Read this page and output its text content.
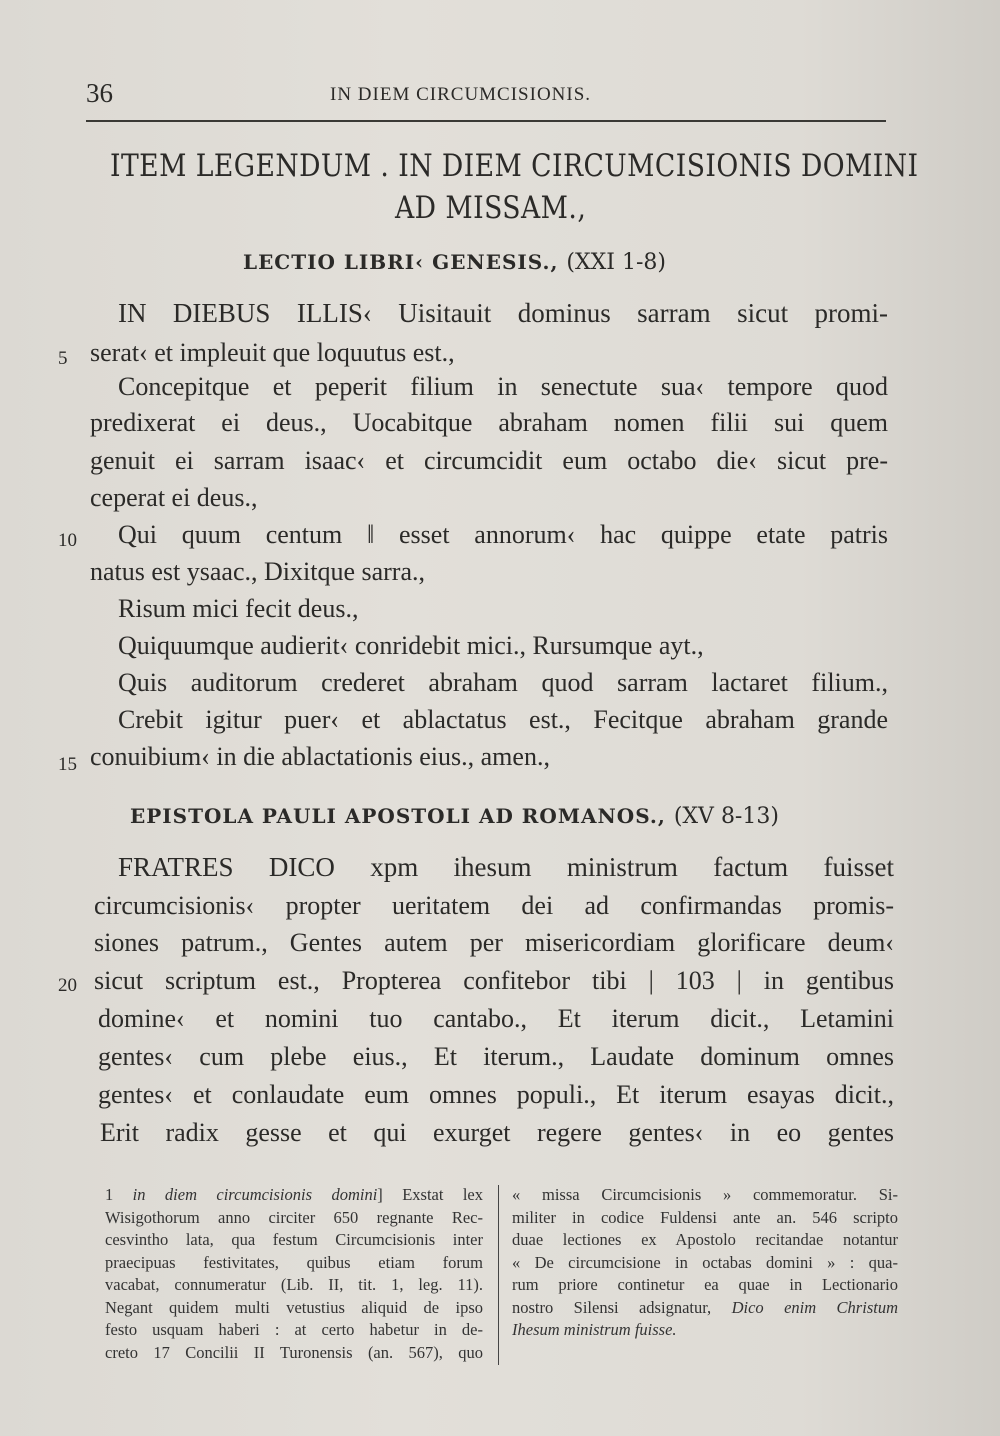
36	IN DIEM CIRCUMCISIONIS.
ITEM LEGENDUM . IN DIEM CIRCUMCISIONIS DOMINI
AD MISSAM.,
LECTIO LIBRI‹ GENESIS., (XXI 1-8)
IN DIEBUS ILLIS‹ Uisitauit dominus sarram sicut promi-
serat‹ et impleuit que loquutus est.,
Concepitque et peperit filium in senectute sua‹ tempore quod
predixerat ei deus., Uocabitque abraham nomen filii sui quem
genuit ei sarram isaac‹ et circumcidit eum octabo die‹ sicut pre-
ceperat ei deus.,
Qui quum centum ‖ esset annorum‹ hac quippe etate patris
natus est ysaac., Dixitque sarra.,
Risum mici fecit deus.,
Quiquumque audierit‹ conridebit mici., Rursumque ayt.,
Quis auditorum crederet abraham quod sarram lactaret filium.,
Crebit igitur puer‹ et ablactatus est., Fecitque abraham grande
conuibium‹ in die ablactationis eius., amen.,
5
10
15
20
EPISTOLA PAULI APOSTOLI AD ROMANOS., (XV 8-13)
FRATRES DICO xpm ihesum ministrum factum fuisset
circumcisionis‹ propter ueritatem dei ad confirmandas promis-
siones patrum., Gentes autem per misericordiam glorificare deum‹
sicut scriptum est., Propterea confitebor tibi | 103 | in gentibus
domine‹ et nomini tuo cantabo., Et iterum dicit., Letamini
gentes‹ cum plebe eius., Et iterum., Laudate dominum omnes
gentes‹ et conlaudate eum omnes populi., Et iterum esayas dicit.,
Erit radix gesse et qui exurget regere gentes‹ in eo gentes
1 in diem circumcisionis domini] Exstat lex
Wisigothorum anno circiter 650 regnante Rec-
cesvintho lata, qua festum Circumcisionis inter
praecipuas festivitates, quibus etiam forum
vacabat, connumeratur (Lib. II, tit. 1, leg. 11).
Negant quidem multi vetustius aliquid de ipso
festo usquam haberi : at certo habetur in de-
creto 17 Concilii II Turonensis (an. 567), quo
« missa Circumcisionis » commemoratur. Si-
militer in codice Fuldensi ante an. 546 scripto
duae lectiones ex Apostolo recitandae notantur
« De circumcisione in octabas domini » : qua-
rum priore continetur ea quae in Lectionario
nostro Silensi adsignatur, Dico enim Christum
Ihesum ministrum fuisse.
